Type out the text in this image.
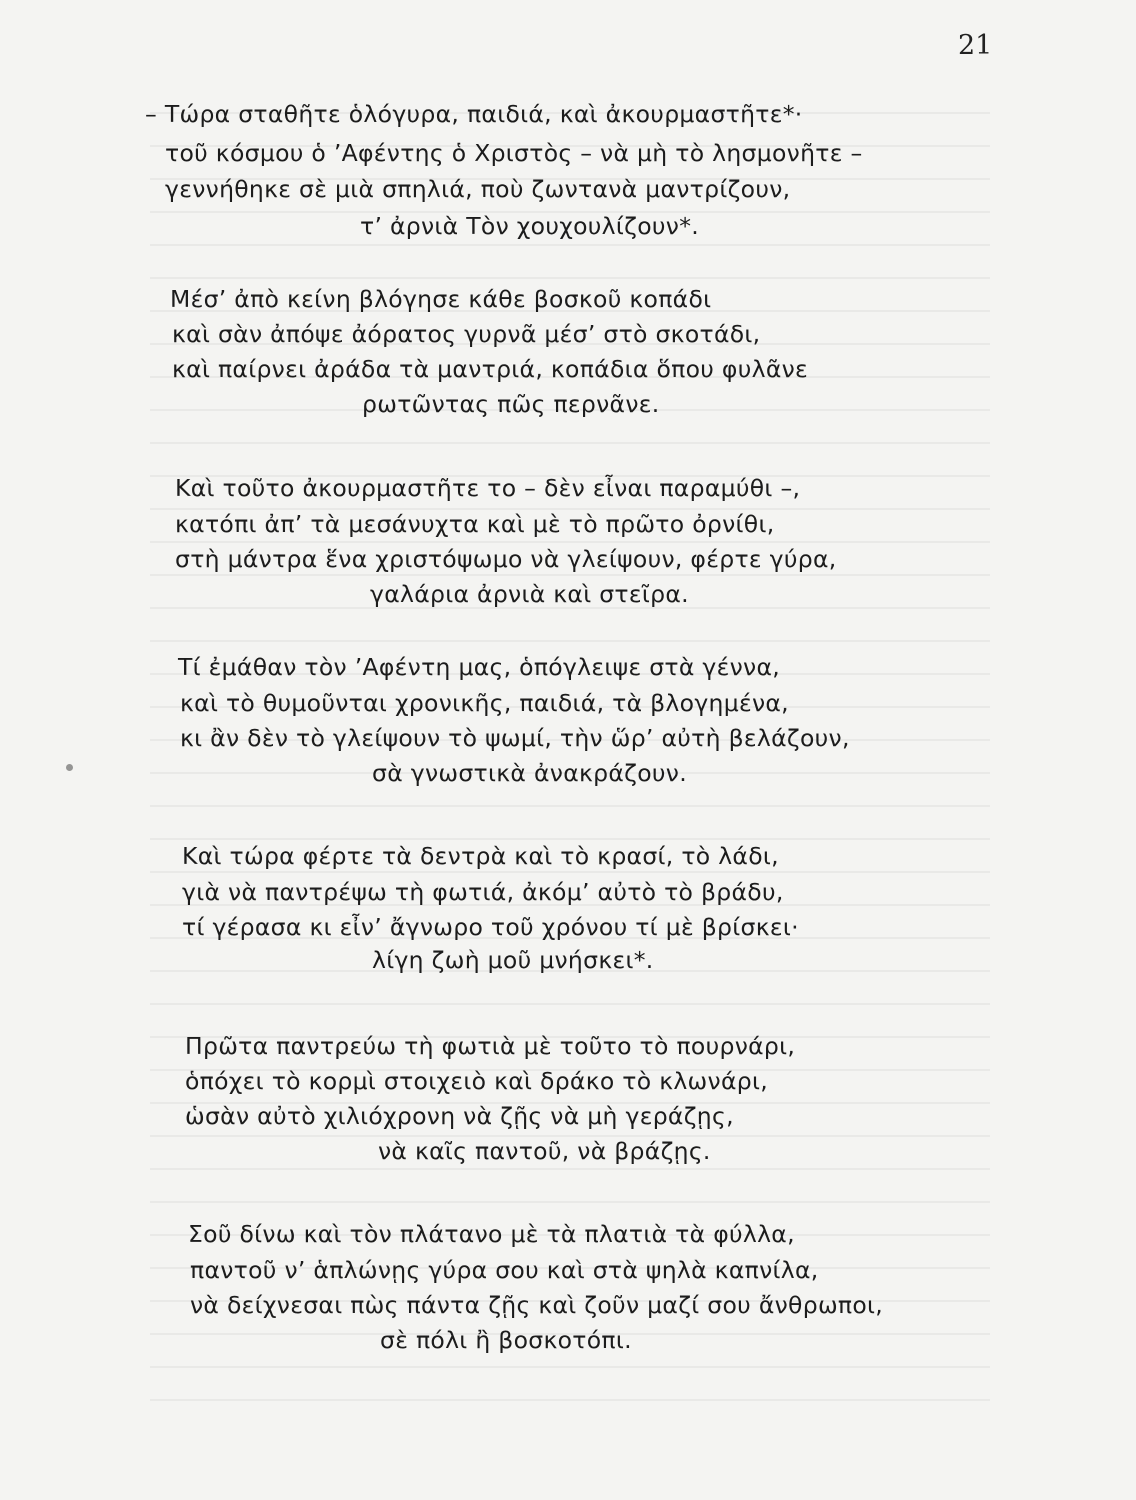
21
– Τώρα σταθῆτε ὁλόγυρα, παιδιά, καὶ ἀκουρμαστῆτε*·
τοῦ κόσμου ὁ ’Αφέντης ὁ Χριστὸς – νὰ μὴ τὸ λησμονῆτε –
γεννήθηκε σὲ μιὰ σπηλιά, ποὺ ζωντανὰ μαντρίζουν,
τ’ ἀρνιὰ Τὸν χουχουλίζουν*.
Μέσ’ ἀπὸ κείνη βλόγησε κάθε βοσκοῦ κοπάδι
καὶ σὰν ἀπόψε ἀόρατος γυρνᾶ μέσ’ στὸ σκοτάδι,
καὶ παίρνει ἀράδα τὰ μαντριά, κοπάδια ὅπου φυλᾶνε
ρωτῶντας πῶς περνᾶνε.
Καὶ τοῦτο ἀκουρμαστῆτε το – δὲν εἶναι παραμύθι –,
κατόπι ἀπ’ τὰ μεσάνυχτα καὶ μὲ τὸ πρῶτο ὀρνίθι,
στὴ μάντρα ἕνα χριστόψωμο νὰ γλείψουν, φέρτε γύρα,
γαλάρια ἀρνιὰ καὶ στεῖρα.
Τί ἐμάθαν τὸν ’Αφέντη μας, ὁπόγλειψε στὰ γέννα,
καὶ τὸ θυμοῦνται χρονικῆς, παιδιά, τὰ βλογημένα,
κι ἂν δὲν τὸ γλείψουν τὸ ψωμί, τὴν ὥρ’ αὐτὴ βελάζουν,
σὰ γνωστικὰ ἀνακράζουν.
Καὶ τώρα φέρτε τὰ δεντρὰ καὶ τὸ κρασί, τὸ λάδι,
γιὰ νὰ παντρέψω τὴ φωτιά, ἀκόμ’ αὐτὸ τὸ βράδυ,
τί γέρασα κι εἶν’ ἄγνωρο τοῦ χρόνου τί μὲ βρίσκει·
λίγη ζωὴ μοῦ μνήσκει*.
Πρῶτα παντρεύω τὴ φωτιὰ μὲ τοῦτο τὸ πουρνάρι,
ὁπόχει τὸ κορμὶ στοιχειὸ καὶ δράκο τὸ κλωνάρι,
ὡσὰν αὐτὸ χιλιόχρονη νὰ ζῇς νὰ μὴ γεράζῃς,
νὰ καῖς παντοῦ, νὰ βράζῃς.
Σοῦ δίνω καὶ τὸν πλάτανο μὲ τὰ πλατιὰ τὰ φύλλα,
παντοῦ ν’ ἁπλώνῃς γύρα σου καὶ στὰ ψηλὰ καπνίλα,
νὰ δείχνεσαι πὼς πάντα ζῇς καὶ ζοῦν μαζί σου ἄνθρωποι,
σὲ πόλι ἢ βοσκοτόπι.
